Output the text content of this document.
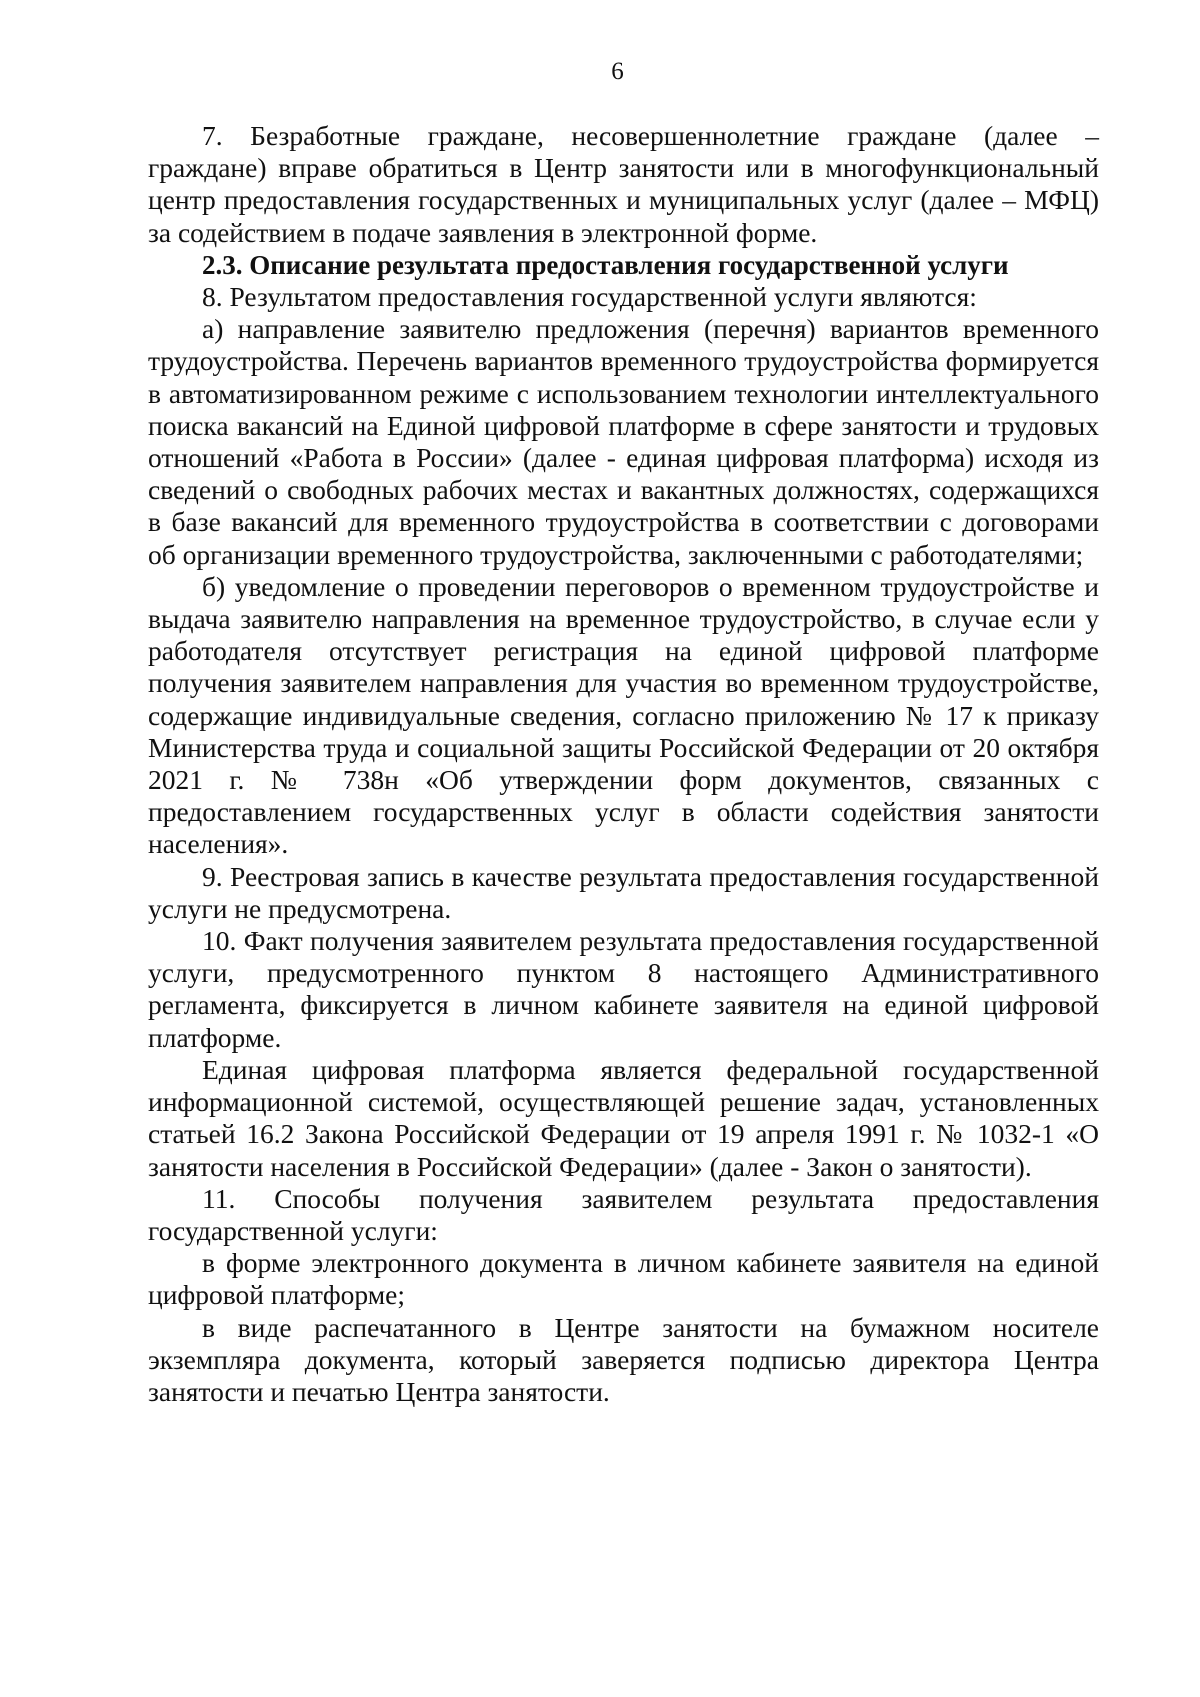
6

7. Безработные граждане, несовершеннолетние граждане (далее – граждане) вправе обратиться в Центр занятости или в многофункциональный центр предоставления государственных и муниципальных услуг (далее – МФЦ) за содействием в подаче заявления в электронной форме.

2.3. Описание результата предоставления государственной услуги

8. Результатом предоставления государственной услуги являются:

а) направление заявителю предложения (перечня) вариантов временного трудоустройства. Перечень вариантов временного трудоустройства формируется в автоматизированном режиме с использованием технологии интеллектуального поиска вакансий на Единой цифровой платформе в сфере занятости и трудовых отношений «Работа в России» (далее - единая цифровая платформа) исходя из сведений о свободных рабочих местах и вакантных должностях, содержащихся в базе вакансий для временного трудоустройства в соответствии с договорами об организации временного трудоустройства, заключенными с работодателями;

б) уведомление о проведении переговоров о временном трудоустройстве и выдача заявителю направления на временное трудоустройство, в случае если у работодателя отсутствует регистрация на единой цифровой платформе получения заявителем направления для участия во временном трудоустройстве, содержащие индивидуальные сведения, согласно приложению № 17 к приказу Министерства труда и социальной защиты Российской Федерации от 20 октября 2021 г. № 738н «Об утверждении форм документов, связанных с предоставлением государственных услуг в области содействия занятости населения».

9. Реестровая запись в качестве результата предоставления государственной услуги не предусмотрена.

10. Факт получения заявителем результата предоставления государственной услуги, предусмотренного пунктом 8 настоящего Административного регламента, фиксируется в личном кабинете заявителя на единой цифровой платформе.

Единая цифровая платформа является федеральной государственной информационной системой, осуществляющей решение задач, установленных статьей 16.2 Закона Российской Федерации от 19 апреля 1991 г. № 1032-1 «О занятости населения в Российской Федерации» (далее - Закон о занятости).

11. Способы получения заявителем результата предоставления государственной услуги:

в форме электронного документа в личном кабинете заявителя на единой цифровой платформе;

в виде распечатанного в Центре занятости на бумажном носителе экземпляра документа, который заверяется подписью директора Центра занятости и печатью Центра занятости.
